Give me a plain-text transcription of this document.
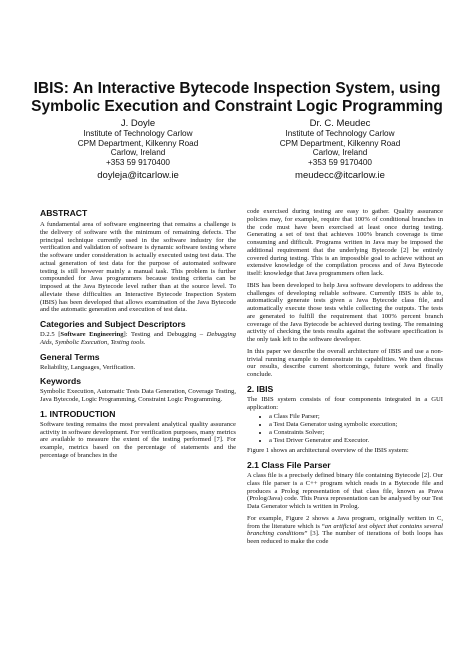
IBIS: An Interactive Bytecode Inspection System, using
Symbolic Execution and Constraint Logic Programming
J. Doyle
Institute of Technology Carlow
CPM Department, Kilkenny Road
Carlow, Ireland
+353 59 9170400
doyleja@itcarlow.ie
Dr. C. Meudec
Institute of Technology Carlow
CPM Department, Kilkenny Road
Carlow, Ireland
+353 59 9170400
meudecc@itcarlow.ie
ABSTRACT

A fundamental area of software engineering that remains a challenge is the delivery of software with the minimum of remaining defects. The principal technique currently used in the software industry for the verification and validation of software is dynamic software testing where the software under consideration is actually executed using test data. The actual generation of test data for the purpose of automated software testing is still however mainly a manual task. This problem is further compounded for Java programmers because testing criteria can be imposed at the Java Bytecode level rather than at the source level. To alleviate these difficulties an Interactive Bytecode Inspection System (IBIS) has been developed that allows examination of the Java Bytecode and the automatic generation and execution of test data.

Categories and Subject Descriptors

D.2.5 [Software Engineering]: Testing and Debugging – Debugging Aids, Symbolic Execution, Testing tools.

General Terms

Reliability, Languages, Verification.

Keywords

Symbolic Execution, Automatic Tests Data Generation, Coverage Testing, Java Bytecode, Logic Programming, Constraint Logic Programming.

1. INTRODUCTION

Software testing remains the most prevalent analytical quality assurance activity in software development. For verification purposes, many metrics are available to measure the extent of the testing performed [7]. For example, metrics based on the percentage of statements and the percentage of branches in the

code exercised during testing are easy to gather. Quality assurance policies may, for example, require that 100% of conditional branches in the code must have been exercised at least once during testing. Generating a set of test that achieves 100% branch coverage is time consuming and difficult. Programs written in Java may be imposed the additional requirement that the underlying Bytecode [2] be entirely covered during testing. This is an impossible goal to achieve without an extensive knowledge of the compilation process and of Java Bytecode itself: knowledge that Java programmers often lack.

IBIS has been developed to help Java software developers to address the challenges of developing reliable software. Currently IBIS is able to, automatically generate tests given a Java Bytecode class file, and automatically execute those tests while collecting the outputs. The tests are generated to fulfill the requirement that 100% percent branch coverage of the Java Bytecode be achieved during testing. The remaining activity of checking the tests results against the software specification is the only task left to the software developer.

In this paper we describe the overall architecture of IBIS and use a non-trivial running example to demonstrate its capabilities. We then discuss our results, describe current shortcomings, future work and finally conclude.

2. IBIS

The IBIS system consists of four components integrated in a GUI application:

• a Class File Parser;
• a Test Data Generator using symbolic execution;
• a Constraints Solver;
• a Test Driver Generator and Executor.

Figure 1 shows an architectural overview of the IBIS system:

2.1 Class File Parser

A class file is a precisely defined binary file containing Bytecode [2]. Our class file parser is a C++ program which reads in a Bytecode file and produces a Prolog representation of that class file, known as Prava (Prolog/Java) code. This Prava representation can be analysed by our Test Data Generator which is written in Prolog.

For example, Figure 2 shows a Java program, originally written in C, from the literature which is “an artificial test object that contains several branching conditions” [3]. The number of iterations of both loops has been reduced to make the code
